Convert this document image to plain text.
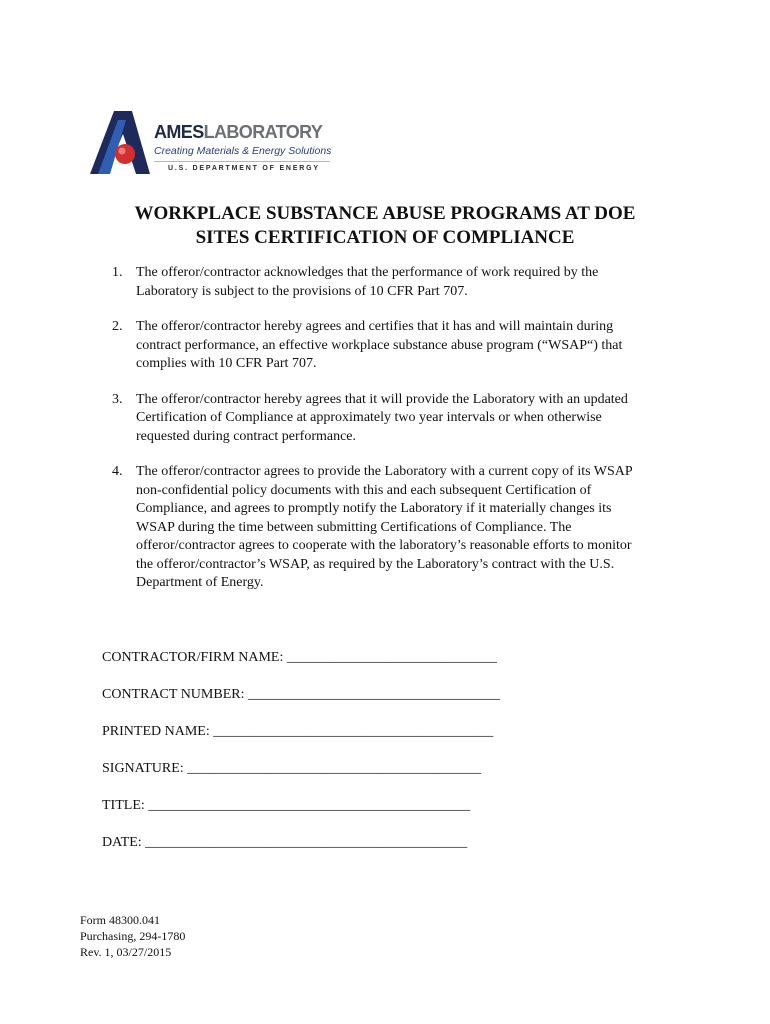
AMESLABORATORY
Creating Materials & Energy Solutions
U.S. DEPARTMENT OF ENERGY
WORKPLACE SUBSTANCE ABUSE PROGRAMS AT DOE
SITES CERTIFICATION OF COMPLIANCE
1. The offeror/contractor acknowledges that the performance of work required by the
Laboratory is subject to the provisions of 10 CFR Part 707.
2. The offeror/contractor hereby agrees and certifies that it has and will maintain during
contract performance, an effective workplace substance abuse program (“WSAP“) that
complies with 10 CFR Part 707.
3. The offeror/contractor hereby agrees that it will provide the Laboratory with an updated
Certification of Compliance at approximately two year intervals or when otherwise
requested during contract performance.
4. The offeror/contractor agrees to provide the Laboratory with a current copy of its WSAP
non-confidential policy documents with this and each subsequent Certification of
Compliance, and agrees to promptly notify the Laboratory if it materially changes its
WSAP during the time between submitting Certifications of Compliance. The
offeror/contractor agrees to cooperate with the laboratory’s reasonable efforts to monitor
the offeror/contractor’s WSAP, as required by the Laboratory’s contract with the U.S.
Department of Energy.
CONTRACTOR/FIRM NAME: ______________________________
CONTRACT NUMBER: ____________________________________
PRINTED NAME: ________________________________________
SIGNATURE: __________________________________________
TITLE: ______________________________________________
DATE: ______________________________________________
Form 48300.041
Purchasing, 294-1780
Rev. 1, 03/27/2015
